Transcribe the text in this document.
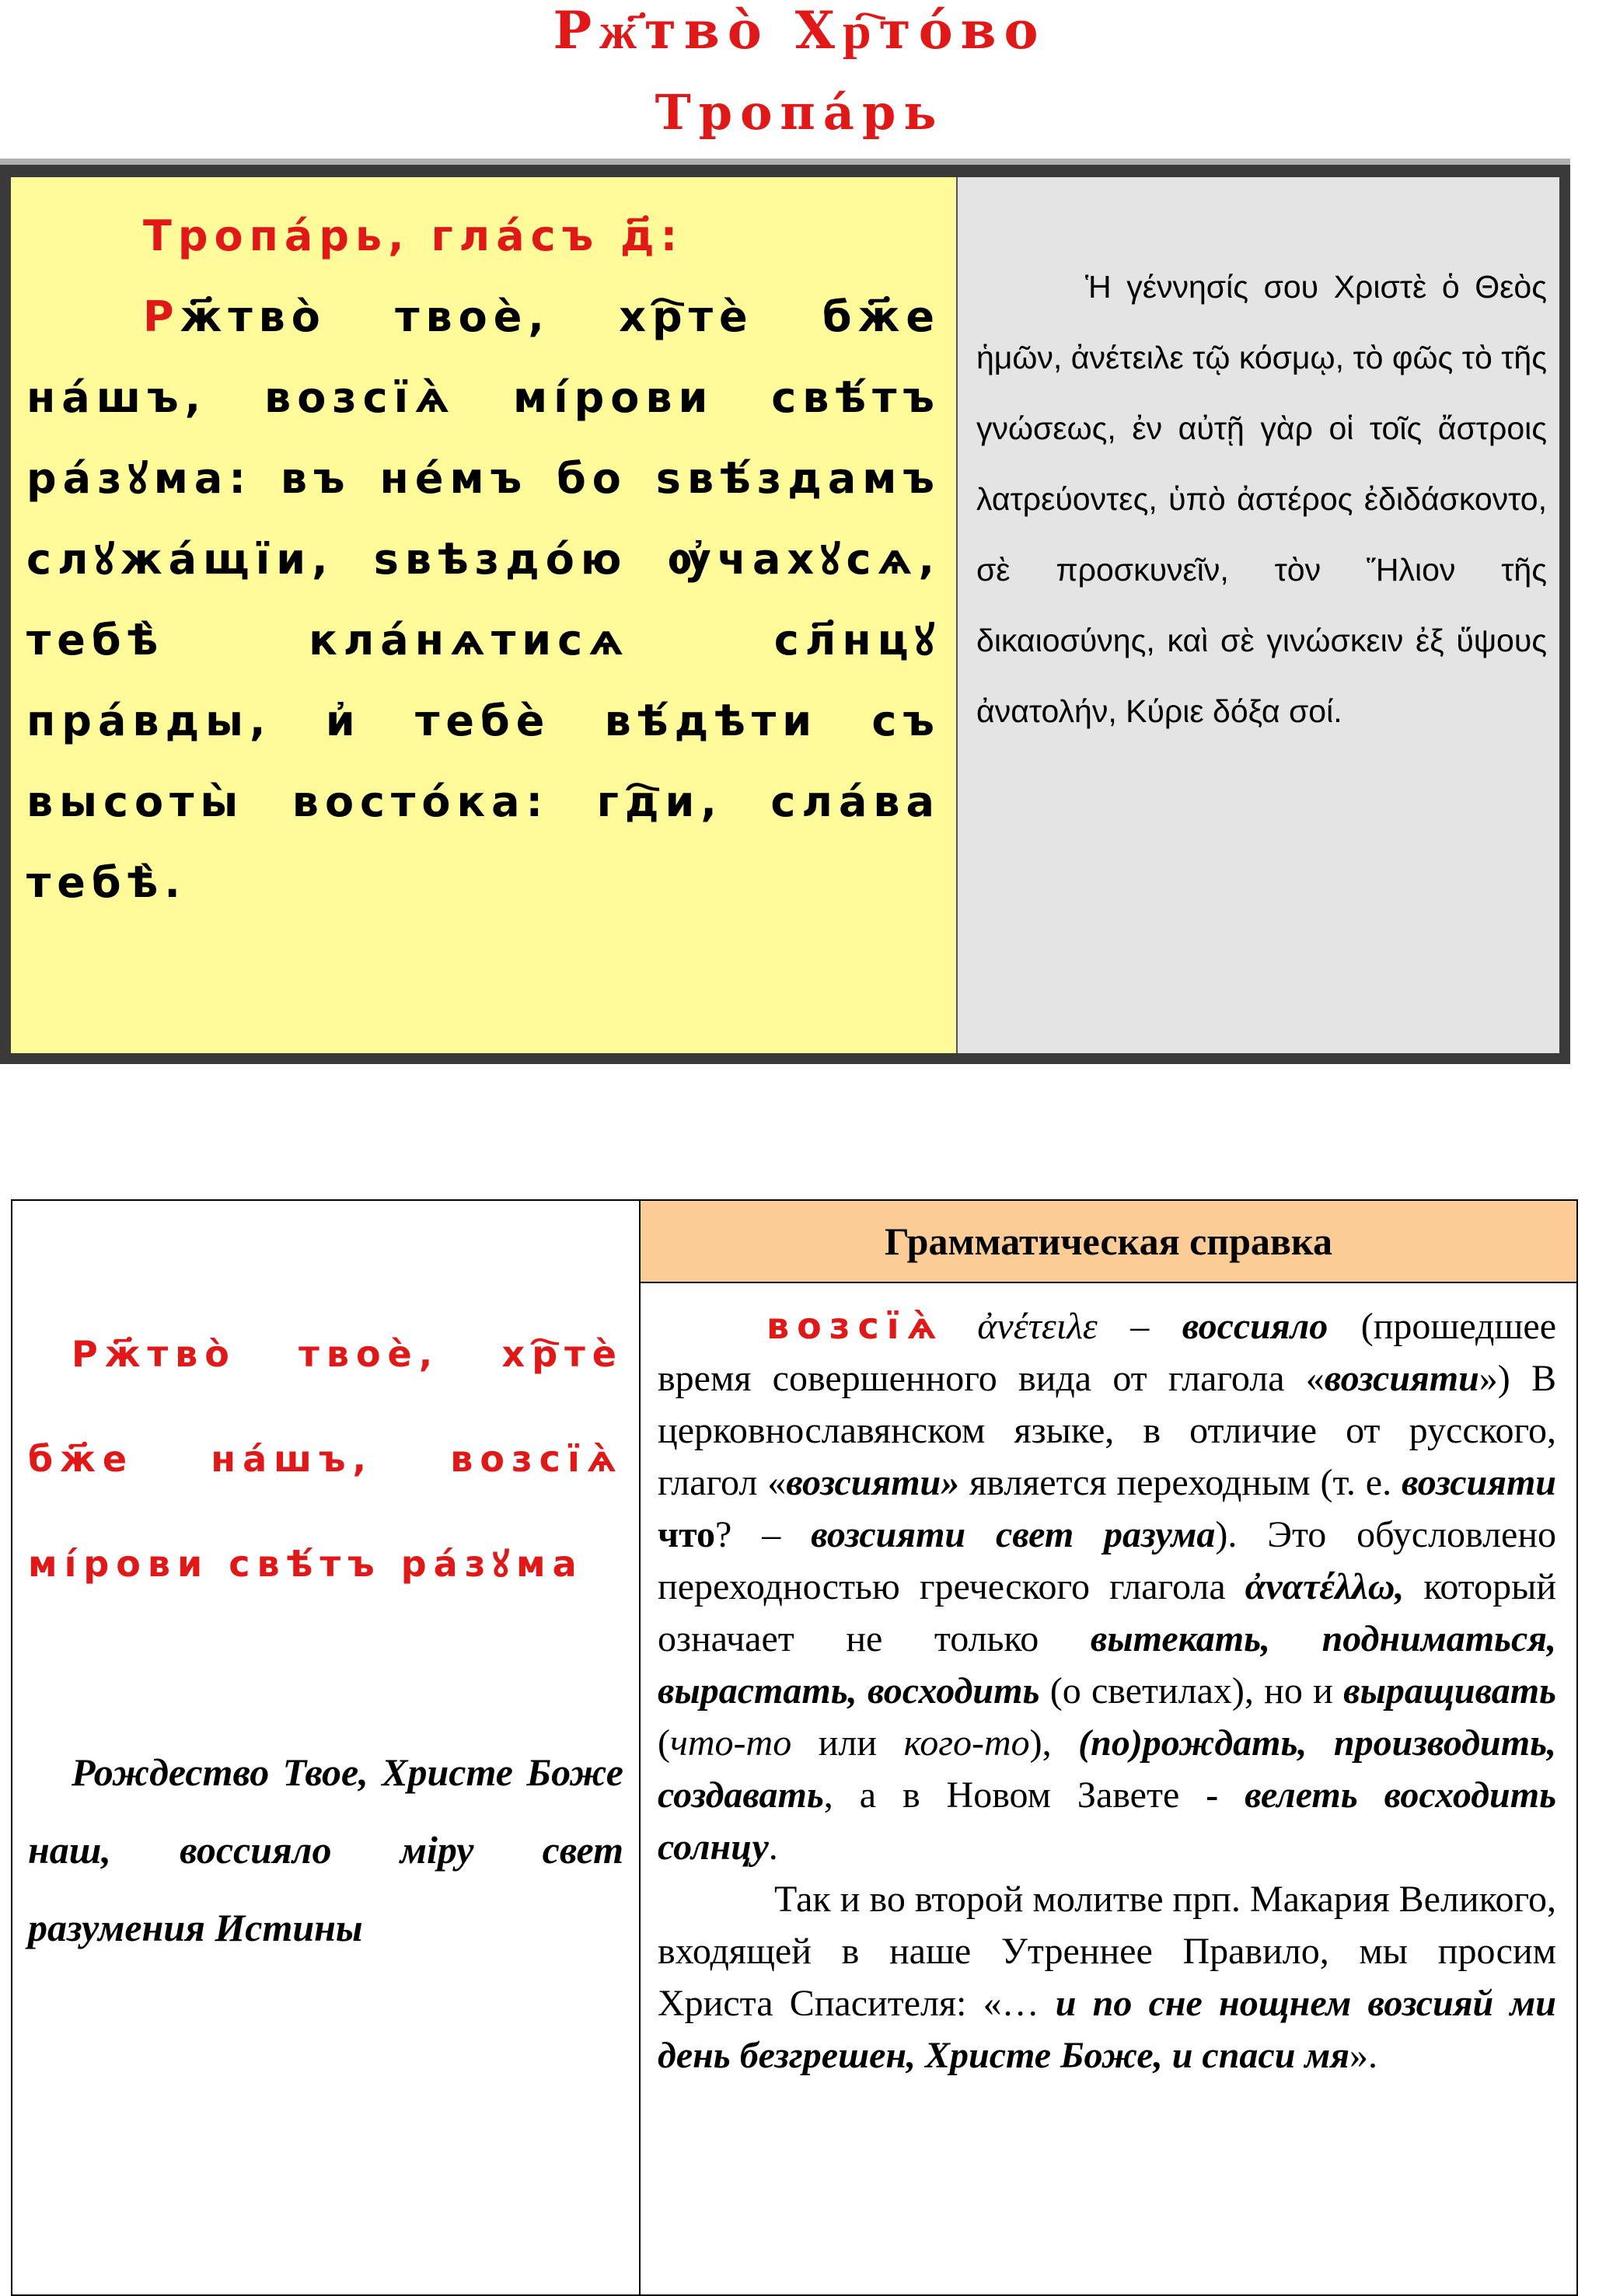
Рж҃тво̀ Хр҇то́во
Тропа́рь
Тропа́рь, гла́съ д҃:
Рж҃тво̀ твоѐ, хр҇тѐ бж҃е на́шъ, возсїѧ̀ мі́рови свѣ́тъ ра́зꙋма: въ не́мъ бо ѕвѣ́здамъ слꙋжа́щїи, ѕвѣздо́ю ѹ҆чахꙋсѧ, тебѣ̀ кла́нѧтисѧ сл҃нцꙋ пра́вды, и҆ тебѐ вѣ́дѣти съ высоты̀ восто́ка: гд҇и, сла́ва тебѣ̀.
Ἡ γέννησίς σου Χριστὲ ὁ Θεὸς ἡμῶν, ἀνέτειλε τῷ κόσμῳ, τὸ φῶς τὸ τῆς γνώσεως, ἐν αὐτῇ γὰρ οἱ τοῖς ἄστροις λατρεύοντες, ὑπὸ ἀστέρος ἐδιδάσκοντο, σὲ προσκυνεῖν, τὸν Ἥλιον τῆς δικαιοσύνης, καὶ σὲ γινώσκειν ἐξ ὕψους ἀνατολήν, Κύριε δόξα σοί.
Рж҃тво̀ твоѐ, хр҇тѐ бж҃е на́шъ, возсїѧ̀ мі́рови свѣ́тъ ра́зꙋма
Рождество Твое, Христе Боже наш, воссияло міру свет разумения Истины
Грамматическая справка

возсїѧ̀ ἀνέτειλε – воссияло (прошедшее время совершенного вида от глагола «возсияти») В церковнославянском языке, в отличие от русского, глагол «возсияти» является переходным (т. е. возсияти что? – возсияти свет разума). Это обусловлено переходностью греческого глагола ἀνατέλλω, который означает не только вытекать, подниматься, вырастать, восходить (о светилах), но и выращивать (что-то или кого-то), (по)рождать, производить, создавать, а в Новом Завете - велеть восходить солнцу.

Так и во второй молитве прп. Макария Великого, входящей в наше Утреннее Правило, мы просим Христа Спасителя: «… и по сне нощнем возсияй ми день безгрешен, Христе Боже, и спаси мя».
